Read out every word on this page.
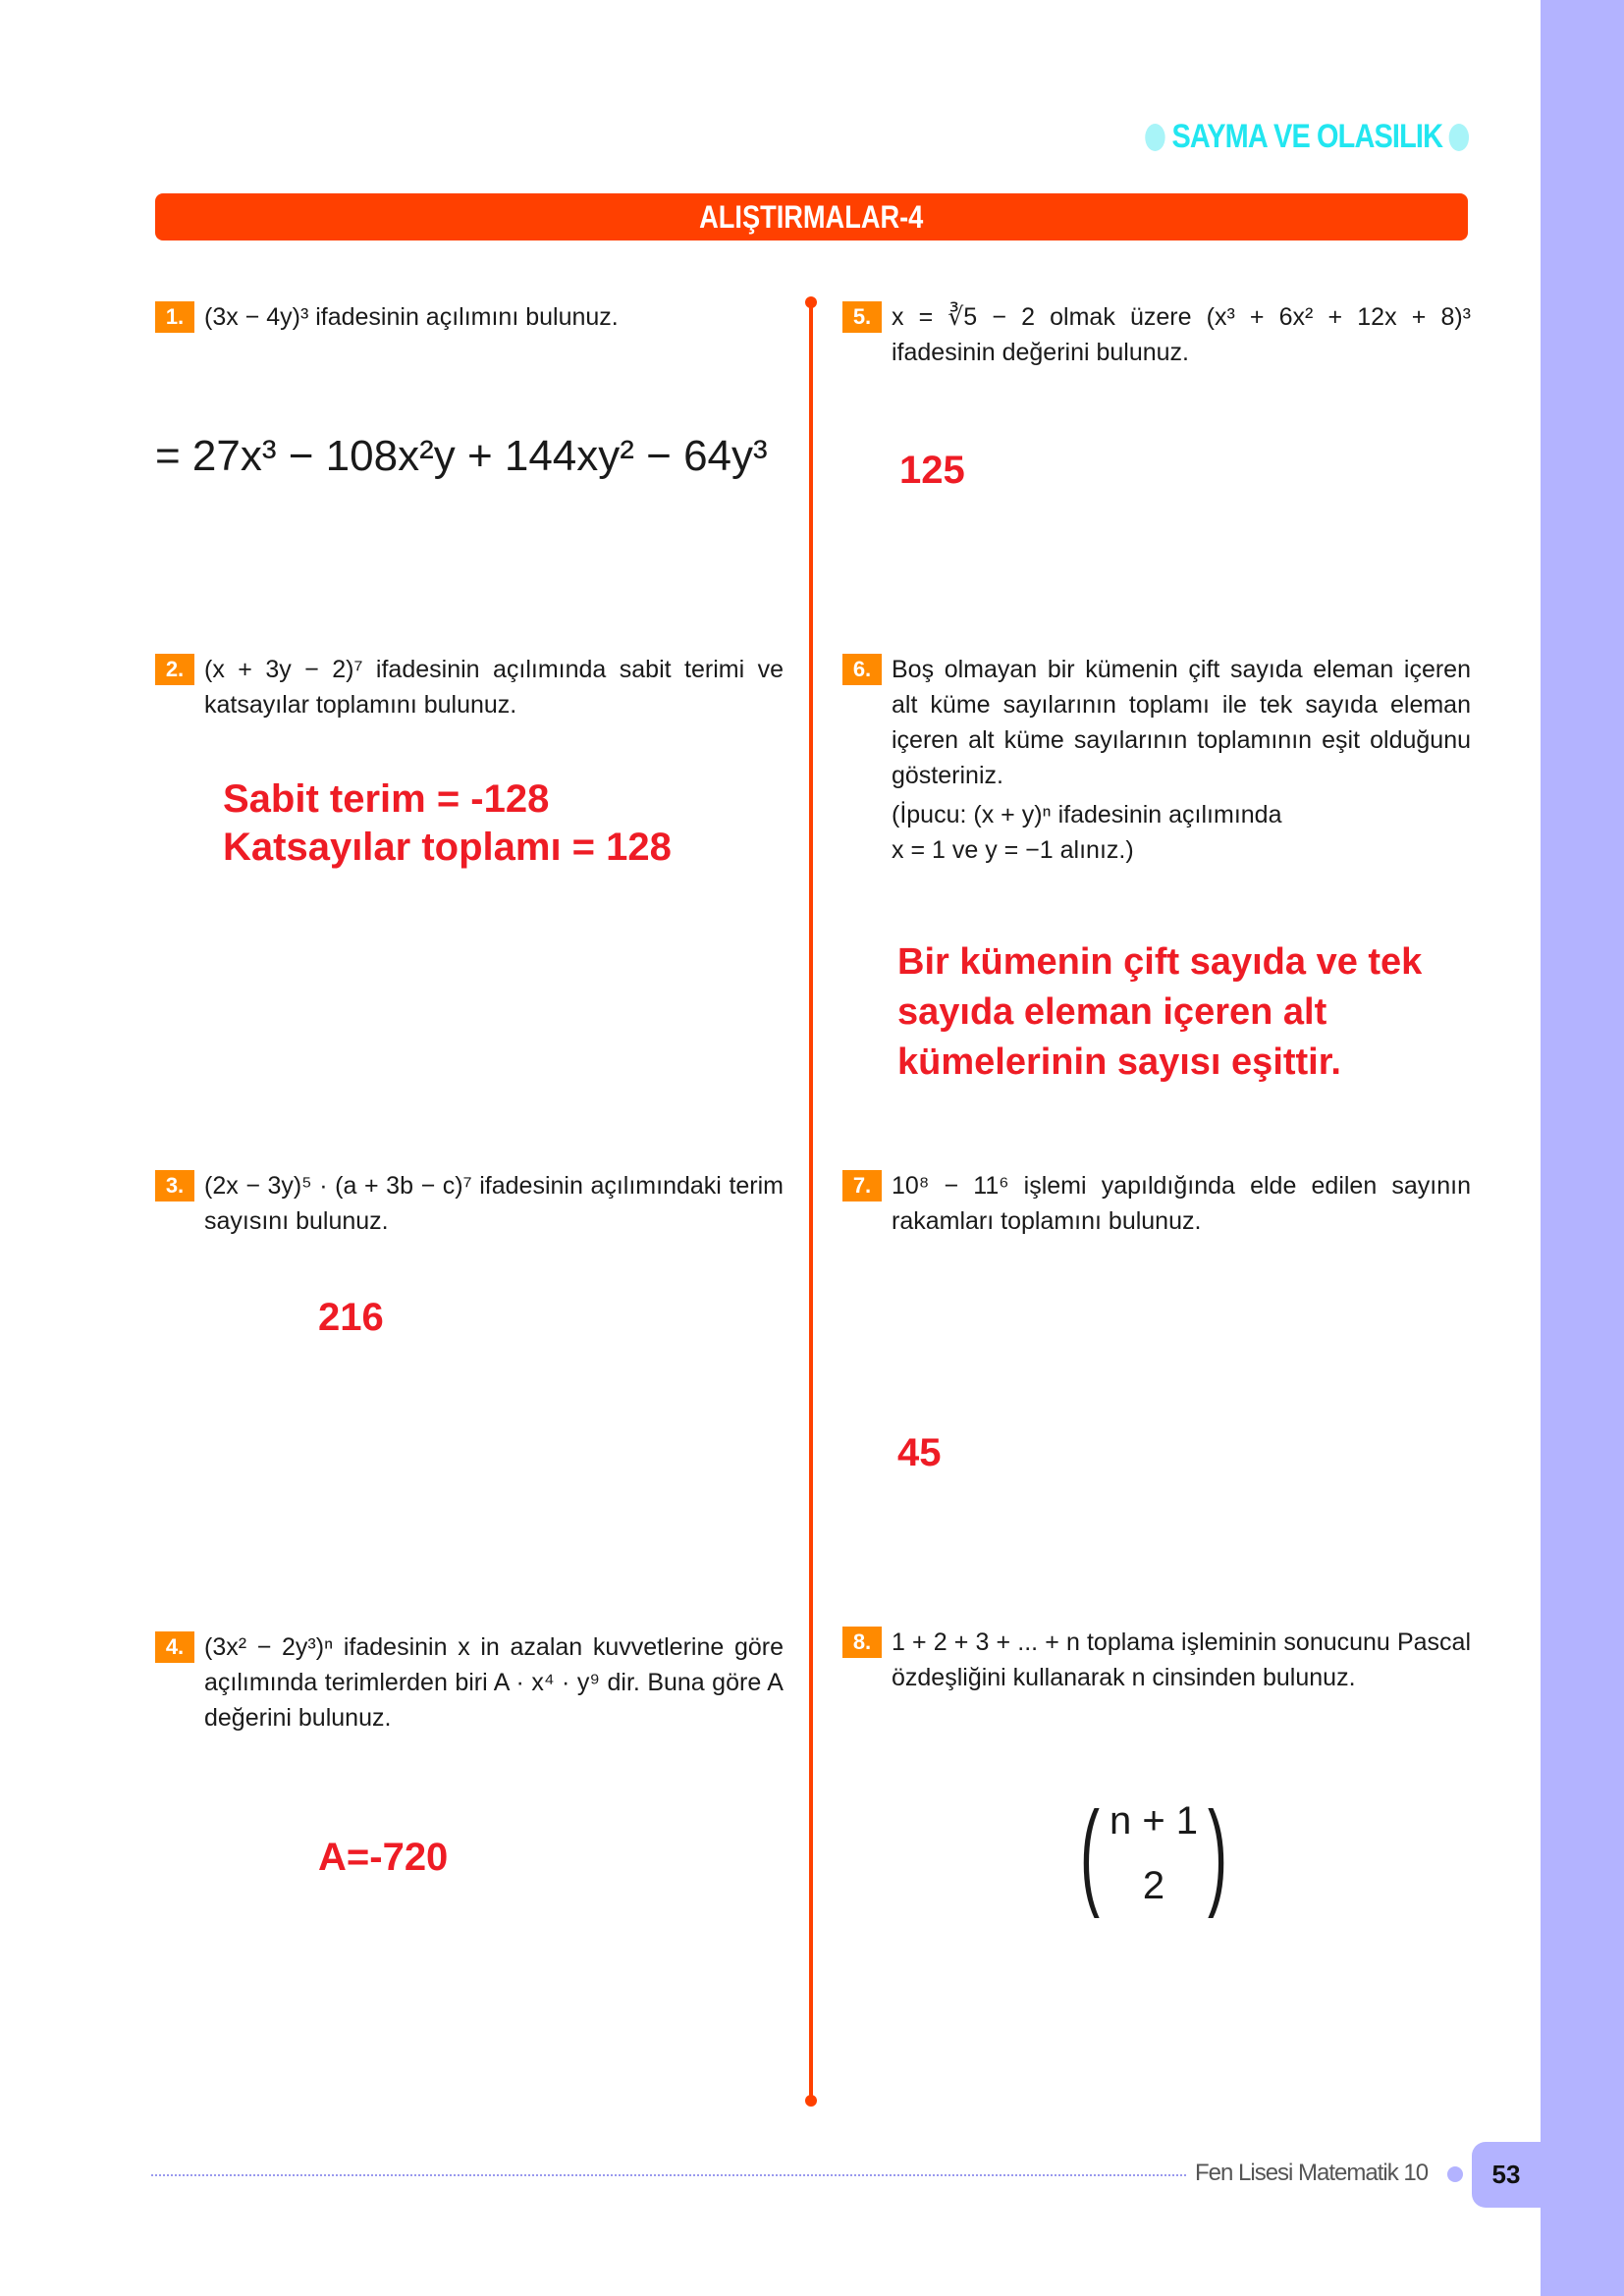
SAYMA VE OLASILIK
ALIŞTIRMALAR-4
1. (3x − 4y)³ ifadesinin açılımını bulunuz.
= 27x³ − 108x²y + 144xy² − 64y³
2. (x + 3y − 2)⁷ ifadesinin açılımında sabit terimi ve katsayılar toplamını bulunuz.
Sabit terim = -128
Katsayılar toplamı = 128
3. (2x − 3y)⁵ · (a + 3b − c)⁷ ifadesinin açılımındaki terim sayısını bulunuz.
216
4. (3x² − 2y³)ⁿ ifadesinin x in azalan kuvvetlerine göre açılımında terimlerden biri A · x⁴ · y⁹ dir. Buna göre A değerini bulunuz.
A=-720
5. x = ∛5 − 2 olmak üzere (x³ + 6x² + 12x + 8)³ ifadesinin değerini bulunuz.
125
6. Boş olmayan bir kümenin çift sayıda eleman içeren alt küme sayılarının toplamı ile tek sayıda eleman içeren alt küme sayılarının toplamının eşit olduğunu gösteriniz.
(İpucu: (x + y)ⁿ ifadesinin açılımında
x = 1 ve y = −1 alınız.)
Bir kümenin çift sayıda ve tek
sayıda eleman içeren alt
kümelerinin sayısı eşittir.
7. 10⁸ − 11⁶ işlemi yapıldığında elde edilen sayının rakamları toplamını bulunuz.
45
8. 1 + 2 + 3 + ... + n toplama işleminin sonucunu Pascal özdeşliğini kullanarak n cinsinden bulunuz.
( n + 1
2 )
Fen Lisesi Matematik 10	53
